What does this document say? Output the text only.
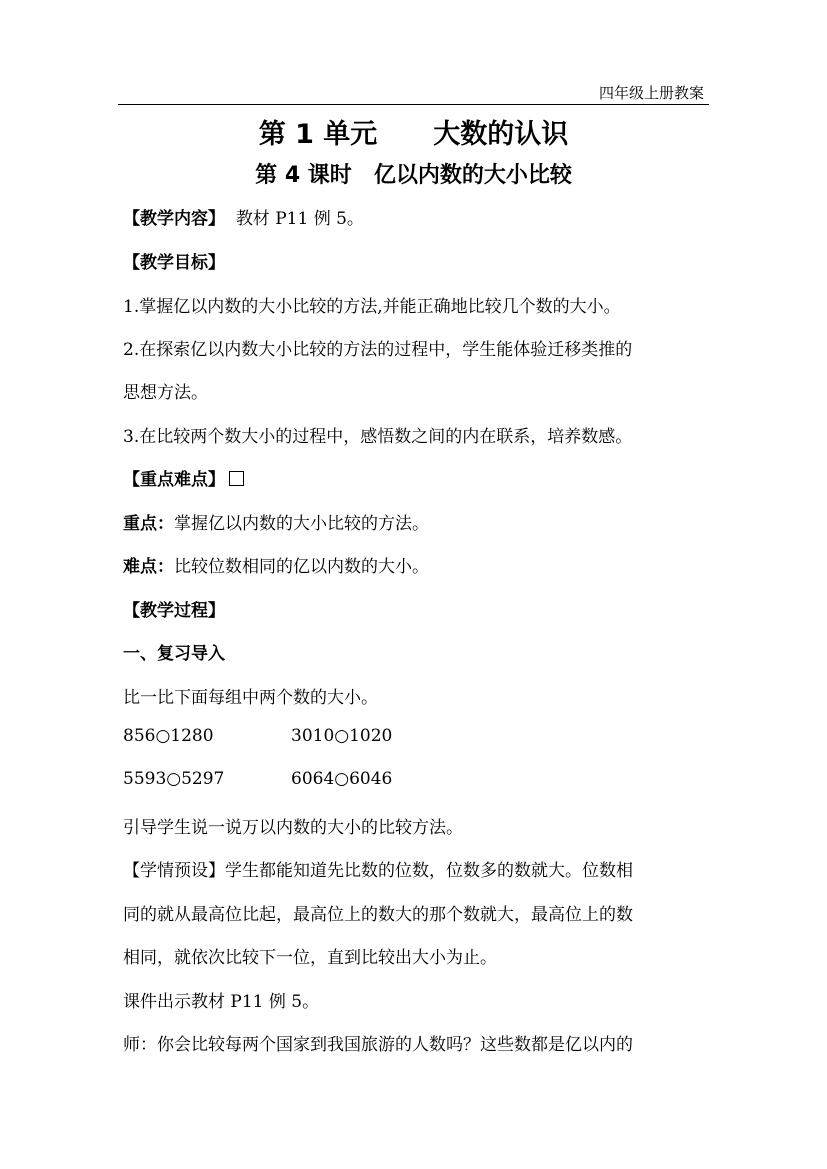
四年级上册教案
第 1 单元 大数的认识
第 4 课时 亿以内数的大小比较
【教学内容】 教材 P11 例 5。
【教学目标】
1.掌握亿以内数的大小比较的方法,并能正确地比较几个数的大小。
2.在探索亿以内数大小比较的方法的过程中，学生能体验迁移类推的
思想方法。
3.在比较两个数大小的过程中，感悟数之间的内在联系，培养数感。
【重点难点】
重点：掌握亿以内数的大小比较的方法。
难点：比较位数相同的亿以内数的大小。
【教学过程】
一、复习导入
比一比下面每组中两个数的大小。
856○1280	3010○1020
5593○5297	6064○6046
引导学生说一说万以内数的大小的比较方法。
【学情预设】学生都能知道先比数的位数，位数多的数就大。位数相
同的就从最高位比起，最高位上的数大的那个数就大，最高位上的数
相同，就依次比较下一位，直到比较出大小为止。
课件出示教材 P11 例 5。
师：你会比较每两个国家到我国旅游的人数吗？这些数都是亿以内的
